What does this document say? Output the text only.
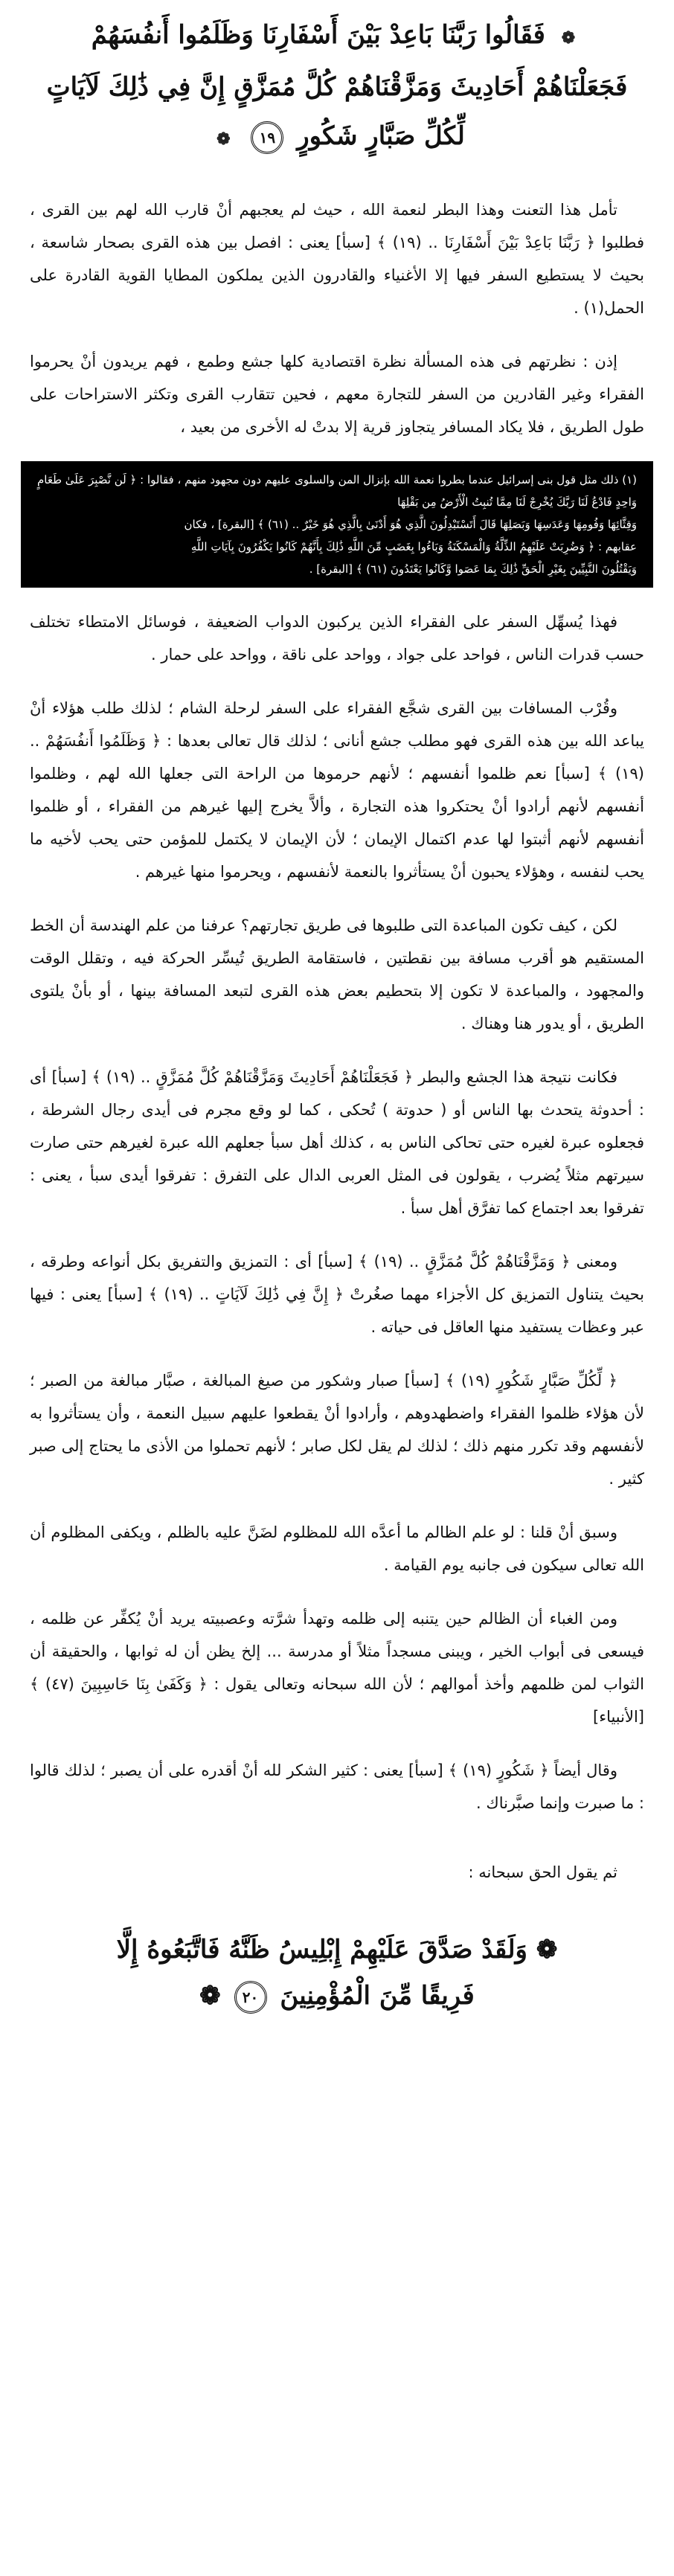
❁ فَقَالُوا رَبَّنَا بَاعِدْ بَيْنَ أَسْفَارِنَا وَظَلَمُوا أَنفُسَهُمْ
فَجَعَلْنَاهُمْ أَحَادِيثَ وَمَزَّقْنَاهُمْ كُلَّ مُمَزَّقٍ إِنَّ فِي ذَٰلِكَ لَآيَاتٍ
لِّكُلِّ صَبَّارٍ شَكُورٍ ١٩ ❁

تأمل هذا التعنت وهذا البطر لنعمة الله ، حيث لم يعجبهم أنْ قارب الله لهم بين القرى ، فطلبوا ﴿ رَبَّنَا بَاعِدْ بَيْنَ أَسْفَارِنَا .. (١٩) ﴾ [سبأ] يعنى : افصل بين هذه القرى بصحار شاسعة ، بحيث لا يستطيع السفر فيها إلا الأغنياء والقادرون الذين يملكون المطايا القوية القادرة على الحمل(١) .

إذن : نظرتهم فى هذه المسألة نظرة اقتصادية كلها جشع وطمع ، فهم يريدون أنْ يحرموا الفقراء وغير القادرين من السفر للتجارة معهم ، فحين تتقارب القرى وتكثر الاستراحات على طول الطريق ، فلا يكاد المسافر يتجاوز قرية إلا بدتْ له الأخرى من بعيد ،

(١) ذلك مثل قول بنى إسرائيل عندما بطروا نعمة الله بإنزال المن والسلوى عليهم دون مجهود منهم ، فقالوا : ﴿ لَن نَّصْبِرَ عَلَىٰ طَعَامٍ وَاحِدٍ فَادْعُ لَنَا رَبَّكَ يُخْرِجْ لَنَا مِمَّا تُنبِتُ الْأَرْضُ مِن بَقْلِهَا
وَقِثَّائِهَا وَفُومِهَا وَعَدَسِهَا وَبَصَلِهَا قَالَ أَتَسْتَبْدِلُونَ الَّذِي هُوَ أَدْنَىٰ بِالَّذِي هُوَ خَيْرٌ .. (٦١) ﴾ [البقرة] ، فكان
عقابهم : ﴿ وَضُرِبَتْ عَلَيْهِمُ الذِّلَّةُ وَالْمَسْكَنَةُ وَبَاءُوا بِغَضَبٍ مِّنَ اللَّهِ ذَٰلِكَ بِأَنَّهُمْ كَانُوا يَكْفُرُونَ بِآيَاتِ اللَّهِ
وَيَقْتُلُونَ النَّبِيِّينَ بِغَيْرِ الْحَقِّ ذَٰلِكَ بِمَا عَصَوا وَّكَانُوا يَعْتَدُونَ (٦١) ﴾ [البقرة] .

فهذا يُسهِّل السفر على الفقراء الذين يركبون الدواب الضعيفة ، فوسائل الامتطاء تختلف حسب قدرات الناس ، فواحد على جواد ، وواحد على ناقة ، وواحد على حمار .

وقُرْب المسافات بين القرى شجَّع الفقراء على السفر لرحلة الشام ؛ لذلك طلب هؤلاء أنْ يباعد الله بين هذه القرى فهو مطلب جشع أنانى ؛ لذلك قال تعالى بعدها : ﴿ وَظَلَمُوا أَنفُسَهُمْ .. (١٩) ﴾ [سبأ] نعم ظلموا أنفسهم ؛ لأنهم حرموها من الراحة التى جعلها الله لهم ، وظلموا أنفسهم لأنهم أرادوا أنْ يحتكروا هذه التجارة ، وألاَّ يخرج إليها غيرهم من الفقراء ، أو ظلموا أنفسهم لأنهم أثبتوا لها عدم اكتمال الإيمان ؛ لأن الإيمان لا يكتمل للمؤمن حتى يحب لأخيه ما يحب لنفسه ، وهؤلاء يحبون أنْ يستأثروا بالنعمة لأنفسهم ، ويحرموا منها غيرهم .

لكن ، كيف تكون المباعدة التى طلبوها فى طريق تجارتهم؟ عرفنا من علم الهندسة أن الخط المستقيم هو أقرب مسافة بين نقطتين ، فاستقامة الطريق تُيسِّر الحركة فيه ، وتقلل الوقت والمجهود ، والمباعدة لا تكون إلا بتحطيم بعض هذه القرى لتبعد المسافة بينها ، أو بأنْ يلتوى الطريق ، أو يدور هنا وهناك .

فكانت نتيجة هذا الجشع والبطر ﴿ فَجَعَلْنَاهُمْ أَحَادِيثَ وَمَزَّقْنَاهُمْ كُلَّ مُمَزَّقٍ .. (١٩) ﴾ [سبأ] أى : أحدوثة يتحدث بها الناس أو ( حدوتة ) تُحكى ، كما لو وقع مجرم فى أيدى رجال الشرطة ، فجعلوه عبرة لغيره حتى تحاكى الناس به ، كذلك أهل سبأ جعلهم الله عبرة لغيرهم حتى صارت سيرتهم مثلاً يُضرب ، يقولون فى المثل العربى الدال على التفرق : تفرقوا أيدى سبأ ، يعنى : تفرقوا بعد اجتماع كما تفرَّق أهل سبأ .

ومعنى ﴿ وَمَزَّقْنَاهُمْ كُلَّ مُمَزَّقٍ .. (١٩) ﴾ [سبأ] أى : التمزيق والتفريق بكل أنواعه وطرقه ، بحيث يتناول التمزيق كل الأجزاء مهما صغُرتْ ﴿ إِنَّ فِي ذَٰلِكَ لَآيَاتٍ .. (١٩) ﴾ [سبأ] يعنى : فيها عبر وعظات يستفيد منها العاقل فى حياته .

﴿ لِّكُلِّ صَبَّارٍ شَكُورٍ (١٩) ﴾ [سبأ] صبار وشكور من صيغ المبالغة ، صبَّار مبالغة من الصبر ؛ لأن هؤلاء ظلموا الفقراء واضطهدوهم ، وأرادوا أنْ يقطعوا عليهم سبيل النعمة ، وأن يستأثروا به لأنفسهم وقد تكرر منهم ذلك ؛ لذلك لم يقل لكل صابر ؛ لأنهم تحملوا من الأذى ما يحتاج إلى صبر كثير .

وسبق أنْ قلنا : لو علم الظالم ما أعدَّه الله للمظلوم لضَنَّ عليه بالظلم ، ويكفى المظلوم أن الله تعالى سيكون فى جانبه يوم القيامة .

ومن الغباء أن الظالم حين يتنبه إلى ظلمه وتهدأ شرَّته وعصبيته يريد أنْ يُكفِّر عن ظلمه ، فيسعى فى أبواب الخير ، ويبنى مسجداً مثلاً أو مدرسة ... إلخ يظن أن له ثوابها ، والحقيقة أن الثواب لمن ظلمهم وأخذ أموالهم ؛ لأن الله سبحانه وتعالى يقول : ﴿ وَكَفَىٰ بِنَا حَاسِبِينَ (٤٧) ﴾ [الأنبياء]

وقال أيضاً ﴿ شَكُورٍ (١٩) ﴾ [سبأ] يعنى : كثير الشكر لله أنْ أقدره على أن يصبر ؛ لذلك قالوا : ما صبرت وإنما صبَّرناك .

ثم يقول الحق سبحانه :

❁ وَلَقَدْ صَدَّقَ عَلَيْهِمْ إِبْلِيسُ ظَنَّهُ فَاتَّبَعُوهُ إِلَّا
فَرِيقًا مِّنَ الْمُؤْمِنِينَ ٢٠ ❁
